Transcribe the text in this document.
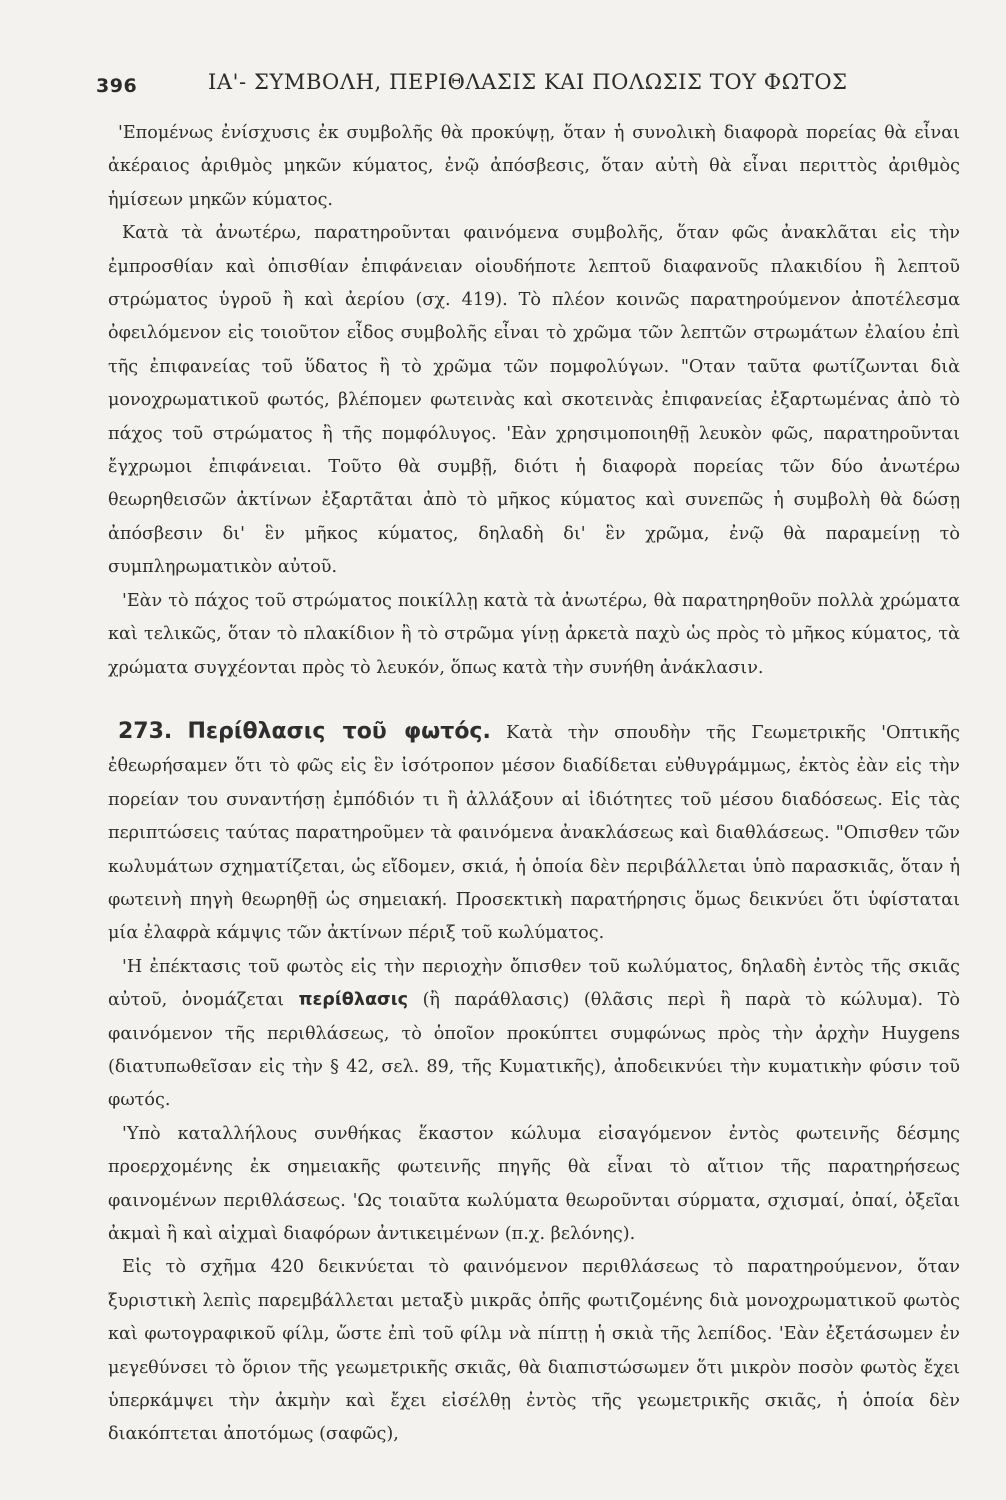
396	ΙΑ'- ΣΥΜΒΟΛΗ, ΠΕΡΙΘΛΑΣΙΣ ΚΑΙ ΠΟΛΩΣΙΣ ΤΟΥ ΦΩΤΟΣ

'Επομένως ἐνίσχυσις ἐκ συμβολῆς θὰ προκύψῃ, ὅταν ἡ συνολικὴ διαφορὰ πορείας θὰ εἶναι ἀκέραιος ἀριθμὸς μηκῶν κύματος, ἐνῷ ἀπόσβεσις, ὅταν αὐτὴ θὰ εἶναι περιττὸς ἀριθμὸς ἡμίσεων μηκῶν κύματος.

Κατὰ τὰ ἀνωτέρω, παρατηροῦνται φαινόμενα συμβολῆς, ὅταν φῶς ἀνακλᾶται εἰς τὴν ἐμπροσθίαν καὶ ὀπισθίαν ἐπιφάνειαν οἱουδήποτε λεπτοῦ διαφανοῦς πλακιδίου ἢ λεπτοῦ στρώματος ὑγροῦ ἢ καὶ ἀερίου (σχ. 419). Τὸ πλέον κοινῶς παρατηρούμενον ἀποτέλεσμα ὀφειλόμενον εἰς τοιοῦτον εἶδος συμβολῆς εἶναι τὸ χρῶμα τῶν λεπτῶν στρωμάτων ἐλαίου ἐπὶ τῆς ἐπιφανείας τοῦ ὕδατος ἢ τὸ χρῶμα τῶν πομφολύγων. "Οταν ταῦτα φωτίζωνται διὰ μονοχρωματικοῦ φωτός, βλέπομεν φωτεινὰς καὶ σκοτεινὰς ἐπιφανείας ἐξαρτωμένας ἀπὸ τὸ πάχος τοῦ στρώματος ἢ τῆς πομφόλυγος. 'Εὰν χρησιμοποιηθῇ λευκὸν φῶς, παρατηροῦνται ἔγχρωμοι ἐπιφάνειαι. Τοῦτο θὰ συμβῇ, διότι ἡ διαφορὰ πορείας τῶν δύο ἀνωτέρω θεωρηθεισῶν ἀκτίνων ἐξαρτᾶται ἀπὸ τὸ μῆκος κύματος καὶ συνεπῶς ἡ συμβολὴ θὰ δώσῃ ἀπόσβεσιν δι' ἓν μῆκος κύματος, δηλαδὴ δι' ἓν χρῶμα, ἐνῷ θὰ παραμείνῃ τὸ συμπληρωματικὸν αὐτοῦ.

'Εὰν τὸ πάχος τοῦ στρώματος ποικίλλῃ κατὰ τὰ ἀνωτέρω, θὰ παρατηρηθοῦν πολλὰ χρώματα καὶ τελικῶς, ὅταν τὸ πλακίδιον ἢ τὸ στρῶμα γίνῃ ἀρκετὰ παχὺ ὡς πρὸς τὸ μῆκος κύματος, τὰ χρώματα συγχέονται πρὸς τὸ λευκόν, ὅπως κατὰ τὴν συνήθη ἀνάκλασιν.

273. Περίθλασις τοῦ φωτός. Κατὰ τὴν σπουδὴν τῆς Γεωμετρικῆς 'Οπτικῆς ἐθεωρήσαμεν ὅτι τὸ φῶς εἰς ἓν ἰσότροπον μέσον διαδίδεται εὐθυγράμμως, ἐκτὸς ἐὰν εἰς τὴν πορείαν του συναντήσῃ ἐμπόδιόν τι ἢ ἀλλάξουν αἱ ἰδιότητες τοῦ μέσου διαδόσεως. Εἰς τὰς περιπτώσεις ταύτας παρατηροῦμεν τὰ φαινόμενα ἀνακλάσεως καὶ διαθλάσεως. "Οπισθεν τῶν κωλυμάτων σχηματίζεται, ὡς εἴδομεν, σκιά, ἡ ὁποία δὲν περιβάλλεται ὑπὸ παρασκιᾶς, ὅταν ἡ φωτεινὴ πηγὴ θεωρηθῇ ὡς σημειακή. Προσεκτικὴ παρατήρησις ὅμως δεικνύει ὅτι ὑφίσταται μία ἐλαφρὰ κάμψις τῶν ἀκτίνων πέριξ τοῦ κωλύματος.

'Η ἐπέκτασις τοῦ φωτὸς εἰς τὴν περιοχὴν ὄπισθεν τοῦ κωλύματος, δηλαδὴ ἐντὸς τῆς σκιᾶς αὐτοῦ, ὀνομάζεται περίθλασις (ἢ παράθλασις) (θλᾶσις περὶ ἢ παρὰ τὸ κώλυμα). Τὸ φαινόμενον τῆς περιθλάσεως, τὸ ὁποῖον προκύπτει συμφώνως πρὸς τὴν ἀρχὴν Huygens (διατυπωθεῖσαν εἰς τὴν § 42, σελ. 89, τῆς Κυματικῆς), ἀποδεικνύει τὴν κυματικὴν φύσιν τοῦ φωτός.

'Υπὸ καταλλήλους συνθήκας ἕκαστον κώλυμα εἰσαγόμενον ἐντὸς φωτεινῆς δέσμης προερχομένης ἐκ σημειακῆς φωτεινῆς πηγῆς θὰ εἶναι τὸ αἴτιον τῆς παρατηρήσεως φαινομένων περιθλάσεως. 'Ως τοιαῦτα κωλύματα θεωροῦνται σύρματα, σχισμαί, ὀπαί, ὀξεῖαι ἀκμαὶ ἢ καὶ αἰχμαὶ διαφόρων ἀντικειμένων (π.χ. βελόνης).

Εἰς τὸ σχῆμα 420 δεικνύεται τὸ φαινόμενον περιθλάσεως τὸ παρατηρούμενον, ὅταν ξυριστικὴ λεπὶς παρεμβάλλεται μεταξὺ μικρᾶς ὀπῆς φωτιζομένης διὰ μονοχρωματικοῦ φωτὸς καὶ φωτογραφικοῦ φίλμ, ὥστε ἐπὶ τοῦ φίλμ νὰ πίπτῃ ἡ σκιὰ τῆς λεπίδος. 'Εὰν ἐξετάσωμεν ἐν μεγεθύνσει τὸ ὅριον τῆς γεωμετρικῆς σκιᾶς, θὰ διαπιστώσωμεν ὅτι μικρὸν ποσὸν φωτὸς ἔχει ὑπερκάμψει τὴν ἀκμὴν καὶ ἔχει εἰσέλθῃ ἐντὸς τῆς γεωμετρικῆς σκιᾶς, ἡ ὁποία δὲν διακόπτεται ἀποτόμως (σαφῶς),
